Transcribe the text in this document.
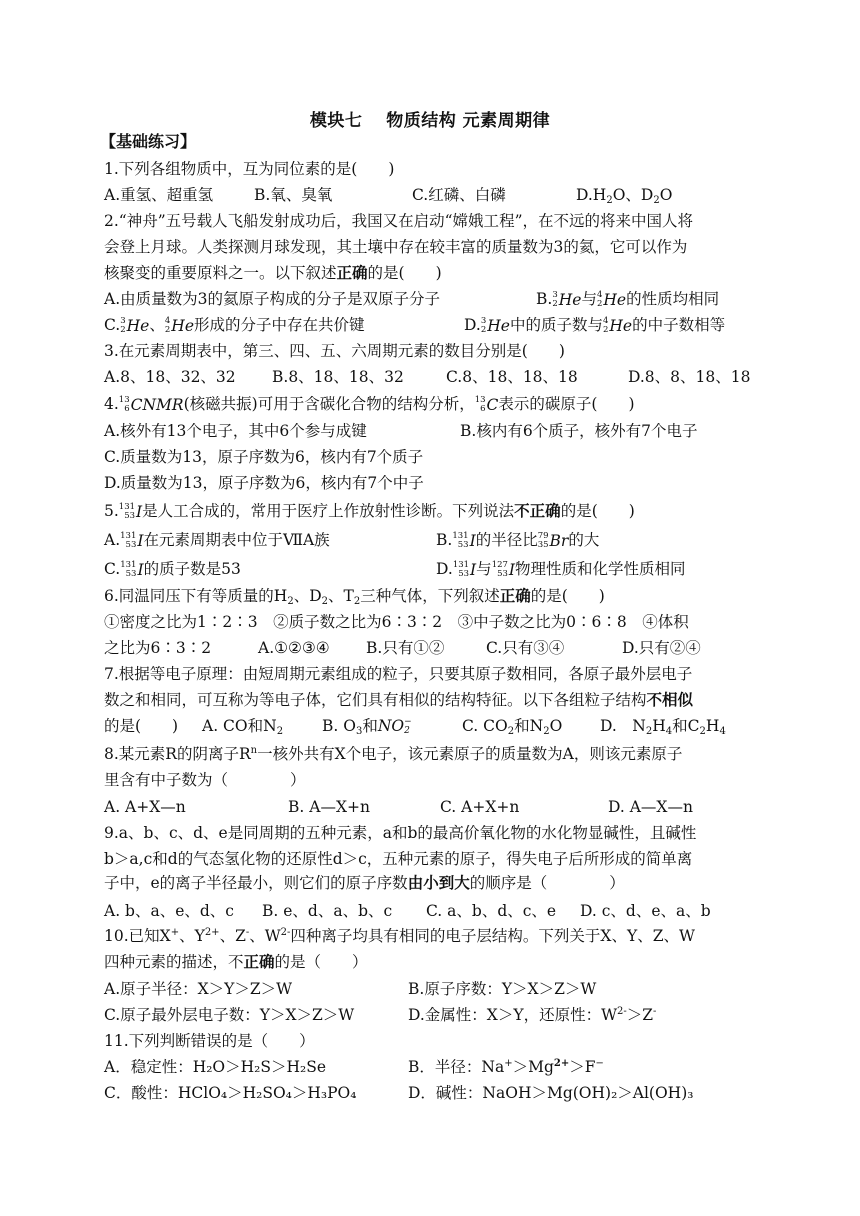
模块七　 物质结构 元素周期律
【基础练习】
1.下列各组物质中，互为同位素的是(　　)
A.重氢、超重氢	B.氧、臭氧	C.红磷、白磷	$D.H_2O$、$D_2O$
2.“神舟”五号载人飞船发射成功后，我国又在启动“嫦娥工程”，在不远的将来中国人将
会登上月球。人类探测月球发现，其土壤中存在较丰富的质量数为3的氦，它可以作为
核聚变的重要原料之一。以下叙述正确的是(　　)
A.由质量数为3的氦原子构成的分子是双原子分子	B. 3
2 He 与 4
2 He 的性质均相同
C. 3
2 He 、 4
2 He 形成的分子中存在共价键	D. 3
2 He 中的质子数与 4
2 He 的中子数相等
3.在元素周期表中，第三、四、五、六周期元素的数目分别是(　　)
A.8、18、32、32 B.8、18、18、32	C.8、18、18、18	D.8、8、18、18
4. 13
6 CNMR (核磁共振)可用于含碳化合物的结构分析， 13
6 C 表示的碳原子(　　)
A.核外有13个电子，其中6个参与成键	B.核内有6个质子，核外有7个电子
C.质量数为13，原子序数为6，核内有7个质子
D.质量数为13，原子序数为6，核内有7个中子
5. 131
53 I 是人工合成的，常用于医疗上作放射性诊断。下列说法不正确的是(　　)
A. 131
53 I 在元素周期表中位于ⅦA族	B. 131
53 I 的半径比 79
35 Br 的大
C. 131
53 I 的质子数是53	D. 131
53 I 与 127
53 I 物理性质和化学性质相同
6.同温同压下有等质量的$H_2$、$D_2$、$T_2$三种气体，下列叙述正确的是(　　)
①密度之比为1∶2∶3　②质子数之比为6∶3∶2　③中子数之比为0∶6∶8　④体积
之比为6∶3∶2	A.①②③④ B.只有①②	C.只有③④	D.只有②④
7.根据等电子原理：由短周期元素组成的粒子，只要其原子数相同，各原子最外层电子
数之和相同，可互称为等电子体，它们具有相似的结构特征。以下各组粒子结构不相似
的是(　　) A. CO和$N_2$	B. $O_3$和NO −
2	C. $CO_2$和$N_2O$ D.　$N_2H_4$和$C_2H_4$
8.某元素R的阴离子$R^n$一核外共有X个电子，该元素原子的质量数为A，则该元素原子
里含有中子数为（　　　　）
A. A+X—n	B. A—X+n	C. A+X+n	D. A—X—n
9.a、b、c、d、e是同周期的五种元素，a和b的最高价氧化物的水化物显碱性，且碱性
b＞a,c和d的气态氢化物的还原性d＞c，五种元素的原子，得失电子后所形成的简单离
子中，e的离子半径最小，则它们的原子序数由小到大的顺序是（　　　　）
A. b、a、e、d、c B. e、d、a、b、c C. a、b、d、c、e D. c、d、e、a、b
10.已知X+、$Y^{2+}$、Z-、$W^{2-}$四种离子均具有相同的电子层结构。下列关于X、Y、Z、W
四种元素的描述，不正确的是（　　）
A.原子半径：X＞Y＞Z＞W	B.原子序数：Y＞X＞Z＞W
C.原子最外层电子数：Y＞X＞Z＞W	D.金属性：X＞Y，还原性：$W^{2-}>Z^-$
11.下列判断错误的是（　　）
A．稳定性：H₂O＞H₂S＞H₂Se	B．半径：$Na^+>Mg^{2+}>F^-$
C．酸性：HClO₄＞H₂SO₄＞H₃PO₄	D．碱性：NaOH＞Mg(OH)₂＞Al(OH)₃
